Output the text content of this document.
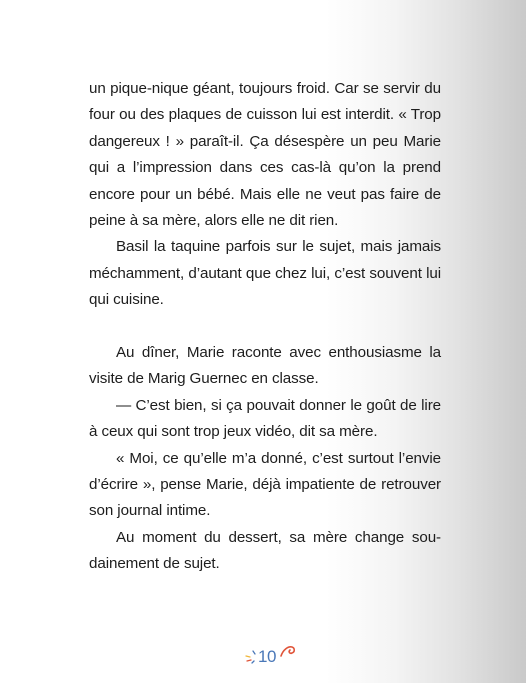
un pique-nique géant, toujours froid. Car se servir du four ou des plaques de cuisson lui est interdit. « Trop dangereux ! » paraît-il. Ça désespère un peu Marie qui a l’impression dans ces cas-là qu’on la prend encore pour un bébé. Mais elle ne veut pas faire de peine à sa mère, alors elle ne dit rien.

Basil la taquine parfois sur le sujet, mais jamais méchamment, d’autant que chez lui, c’est souvent lui qui cuisine.

Au dîner, Marie raconte avec enthousiasme la visite de Marig Guernec en classe.

— C’est bien, si ça pouvait donner le goût de lire à ceux qui sont trop jeux vidéo, dit sa mère.

« Moi, ce qu’elle m’a donné, c’est surtout l’envie d’écrire », pense Marie, déjà impatiente de retrouver son journal intime.

Au moment du dessert, sa mère change sou-dainement de sujet.

10
